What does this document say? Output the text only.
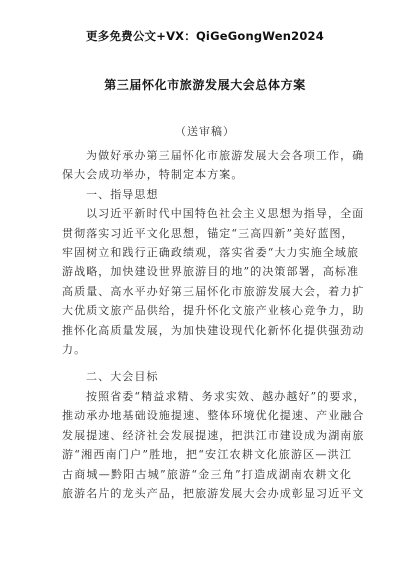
更多免费公文+VX：QiGeGongWen2024
第三届怀化市旅游发展大会总体方案
（送审稿）
为做好承办第三届怀化市旅游发展大会各项工作，确
保大会成功举办，特制定本方案。
一、指导思想
以习近平新时代中国特色社会主义思想为指导，全面
贯彻落实习近平文化思想，锚定“三高四新”美好蓝图，
牢固树立和践行正确政绩观，落实省委“大力实施全域旅
游战略，加快建设世界旅游目的地”的决策部署，高标准
高质量、高水平办好第三届怀化市旅游发展大会，着力扩
大优质文旅产品供给，提升怀化文旅产业核心竞争力，助
推怀化高质量发展，为加快建设现代化新怀化提供强劲动
力。
二、大会目标
按照省委“精益求精、务求实效、越办越好”的要求，
推动承办地基础设施提速、整体环境优化提速、产业融合
发展提速、经济社会发展提速，把洪江市建设成为湖南旅
游“湘西南门户”胜地，把“安江农耕文化旅游区—洪江
古商城—黔阳古城”旅游“金三角”打造成湖南农耕文化
旅游名片的龙头产品，把旅游发展大会办成彰显习近平文
